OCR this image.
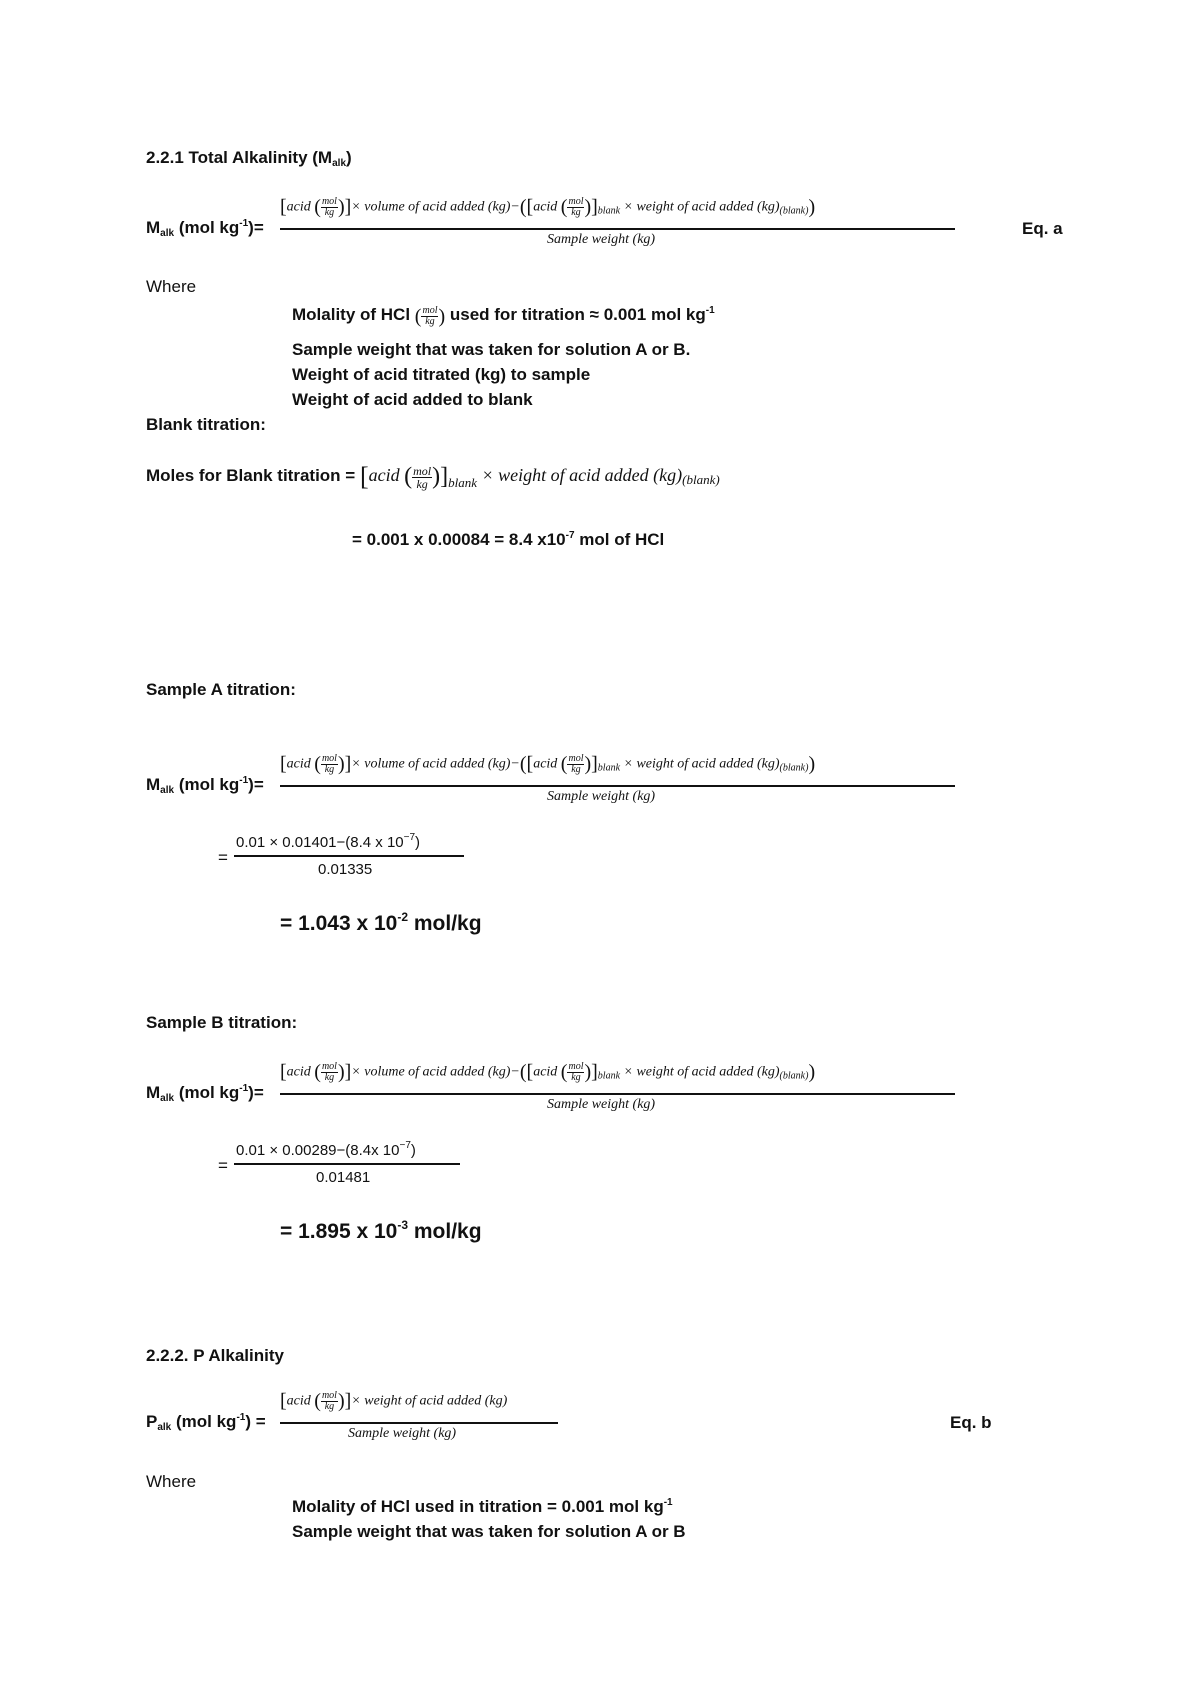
2.2.1 Total Alkalinity $(M_{alk})$
$M_{alk}$ (mol $kg^{-1})=$
[acid ( mol
kg )]× volume of acid added (kg)−([acid ( mol
kg )]$_{blank}$ × weight of acid added $(kg)_{(blank)}$)
Sample weight (kg)
Eq. a
Where
Molality of HCl ( mol
kg ) used for titration ≈ 0.001 mol $kg^{-1}$
Sample weight that was taken for solution A or B.
Weight of acid titrated (kg) to sample
Weight of acid added to blank
Blank titration:
Moles for Blank titration = [acid ( mol
kg )]$_{blank}$ × weight of acid added $(kg)_{(blank)}$
= 0.001 x 0.00084 = 8.4 $x10^{-7}$ mol of HCl
Sample A titration:
$M_{alk}$ (mol $kg^{-1})=$
[acid ( mol
kg )]× volume of acid added (kg)−([acid ( mol
kg )]$_{blank}$ × weight of acid added $(kg)_{(blank)}$)
Sample weight (kg)
=
0.01 × 0.01401−(8.4 x $10^{-7}$)
0.01335
= 1.043 x $10^{-2}$ mol/kg
Sample B titration:
$M_{alk}$ (mol $kg^{-1})=$
[acid ( mol
kg )]× volume of acid added (kg)−([acid ( mol
kg )]$_{blank}$ × weight of acid added $(kg)_{(blank)}$)
Sample weight (kg)
=
0.01 × 0.00289−(8.4x $10^{-7}$)
0.01481
= 1.895 x $10^{-3}$ mol/kg
2.2.2. P Alkalinity
$P_{alk}$ (mol $kg^{-1}$) =
[acid ( mol
kg )]× weight of acid added (kg)
Sample weight (kg)
Eq. b
Where
Molality of HCl used in titration = 0.001 mol $kg^{-1}$
Sample weight that was taken for solution A or B
